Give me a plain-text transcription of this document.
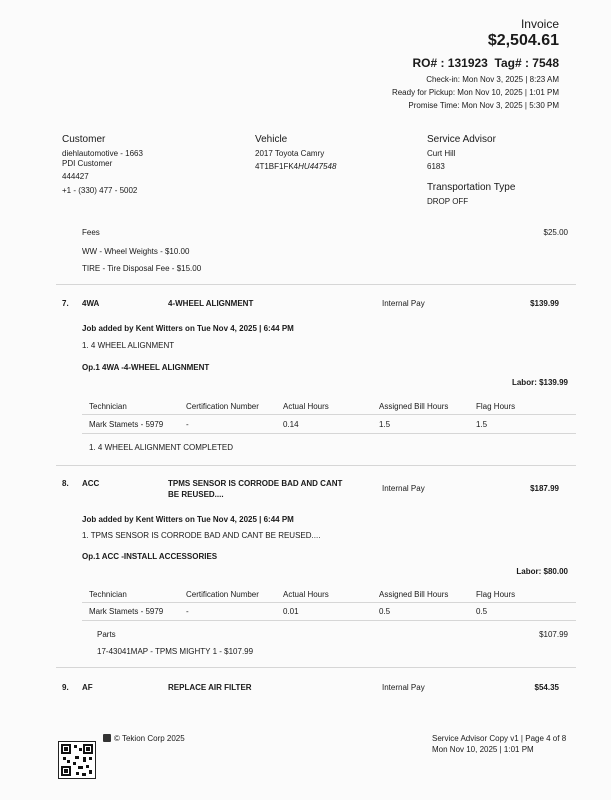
Invoice
$2,504.61
RO# : 131923 Tag# : 7548
Check-in: Mon Nov 3, 2025 | 8:23 AM
Ready for Pickup: Mon Nov 10, 2025 | 1:01 PM
Promise Time: Mon Nov 3, 2025 | 5:30 PM
Customer
diehlautomotive - 1663
PDI Customer
444427
+1 - (330) 477 - 5002
Vehicle
2017 Toyota Camry
4T1BF1FK4HU447548
Service Advisor
Curt Hill
6183
Transportation Type
DROP OFF
Fees	$25.00
WW - Wheel Weights - $10.00
TIRE - Tire Disposal Fee - $15.00
7. 4WA	4-WHEEL ALIGNMENT	Internal Pay	$139.99
Job added by Kent Witters on Tue Nov 4, 2025 | 6:44 PM
1. 4 WHEEL ALIGNMENT
Op.1 4WA -4-WHEEL ALIGNMENT
Labor: $139.99
Technician	Certification Number	Actual Hours	Assigned Bill Hours	Flag Hours
Mark Stamets - 5979	-	0.14	1.5	1.5
1. 4 WHEEL ALIGNMENT COMPLETED
8. ACC	TPMS SENSOR IS CORRODE BAD AND CANT
BE REUSED....
Internal Pay	$187.99
Job added by Kent Witters on Tue Nov 4, 2025 | 6:44 PM
1. TPMS SENSOR IS CORRODE BAD AND CANT BE REUSED....
Op.1 ACC -INSTALL ACCESSORIES
Labor: $80.00
Technician	Certification Number	Actual Hours	Assigned Bill Hours	Flag Hours
Mark Stamets - 5979	-	0.01	0.5	0.5
Parts	$107.99
17-43041MAP - TPMS MIGHTY 1 - $107.99
9. AF	REPLACE AIR FILTER	Internal Pay	$54.35
© Tekion Corp 2025	Service Advisor Copy v1 | Page 4 of 8
Mon Nov 10, 2025 | 1:01 PM
